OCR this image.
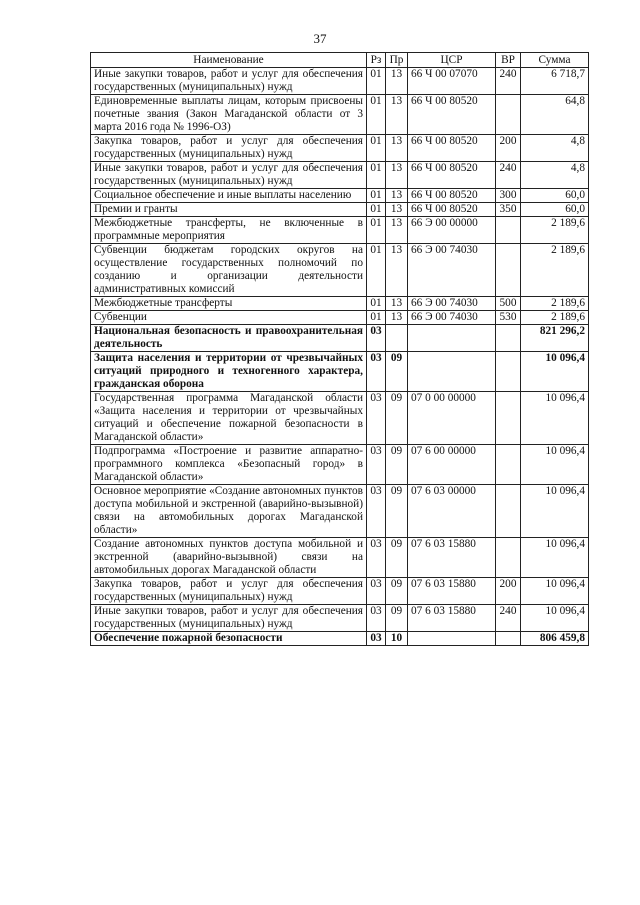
37
Наименование	Рз	Пр	ЦСР	ВР	Сумма
Иные закупки товаров, работ и услуг для обеспечения государственных (муниципальных) нужд	01	13	66 Ч 00 07070	240	6 718,7
Единовременные выплаты лицам, которым присвоены почетные звания (Закон Магаданской области от 3 марта 2016 года № 1996-ОЗ)	01	13	66 Ч 00 80520		64,8
Закупка товаров, работ и услуг для обеспечения государственных (муниципальных) нужд	01	13	66 Ч 00 80520	200	4,8
Иные закупки товаров, работ и услуг для обеспечения государственных (муниципальных) нужд	01	13	66 Ч 00 80520	240	4,8
Социальное обеспечение и иные выплаты населению	01	13	66 Ч 00 80520	300	60,0
Премии и гранты	01	13	66 Ч 00 80520	350	60,0
Межбюджетные трансферты, не включенные в программные мероприятия	01	13	66 Э 00 00000		2 189,6
Субвенции бюджетам городских округов на осуществление государственных полномочий по созданию и организации деятельности административных комиссий	01	13	66 Э 00 74030		2 189,6
Межбюджетные трансферты	01	13	66 Э 00 74030	500	2 189,6
Субвенции	01	13	66 Э 00 74030	530	2 189,6
Национальная безопасность и правоохранительная деятельность	03				821 296,2
Защита населения и территории от чрезвычайных ситуаций природного и техногенного характера, гражданская оборона	03	09			10 096,4
Государственная программа Магаданской области «Защита населения и территории от чрезвычайных ситуаций и обеспечение пожарной безопасности в Магаданской области»	03	09	07 0 00 00000		10 096,4
Подпрограмма «Построение и развитие аппаратно-программного комплекса «Безопасный город» в Магаданской области»	03	09	07 6 00 00000		10 096,4
Основное мероприятие «Создание автономных пунктов доступа мобильной и экстренной (аварийно-вызывной) связи на автомобильных дорогах Магаданской области»	03	09	07 6 03 00000		10 096,4
Создание автономных пунктов доступа мобильной и экстренной (аварийно-вызывной) связи на автомобильных дорогах Магаданской области	03	09	07 6 03 15880		10 096,4
Закупка товаров, работ и услуг для обеспечения государственных (муниципальных) нужд	03	09	07 6 03 15880	200	10 096,4
Иные закупки товаров, работ и услуг для обеспечения государственных (муниципальных) нужд	03	09	07 6 03 15880	240	10 096,4
Обеспечение пожарной безопасности	03	10			806 459,8
